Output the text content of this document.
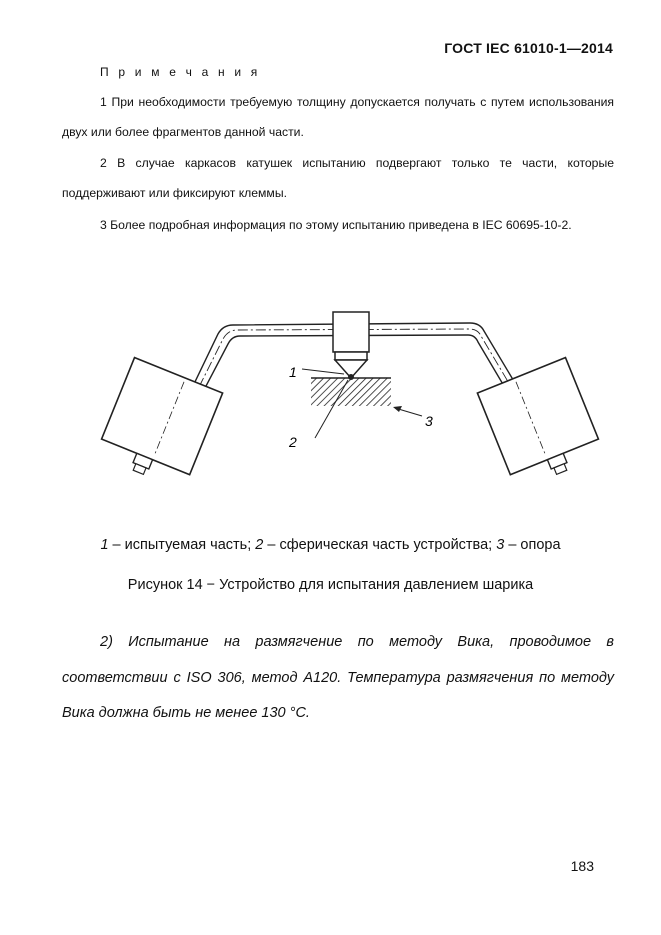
ГОСТ IEC 61010-1—2014
П р и м е ч а н и я

1 При необходимости требуемую толщину допускается получать с путем использования двух или более фрагментов данной части.

2 В случае каркасов катушек испытанию подвергают только те части, которые поддерживают или фиксируют клеммы.

3 Более подробная информация по этому испытанию приведена в IEC 60695-10-2.

1
2
3
1 – испытуемая часть; 2 – сферическая часть устройства; 3 – опора
Рисунок 14 − Устройство для испытания давлением шарика

2) Испытание на размягчение по методу Вика, проводимое в соответствии с ISO 306, метод A120. Температура размягчения по методу Вика должна быть не менее 130 °С.

183
